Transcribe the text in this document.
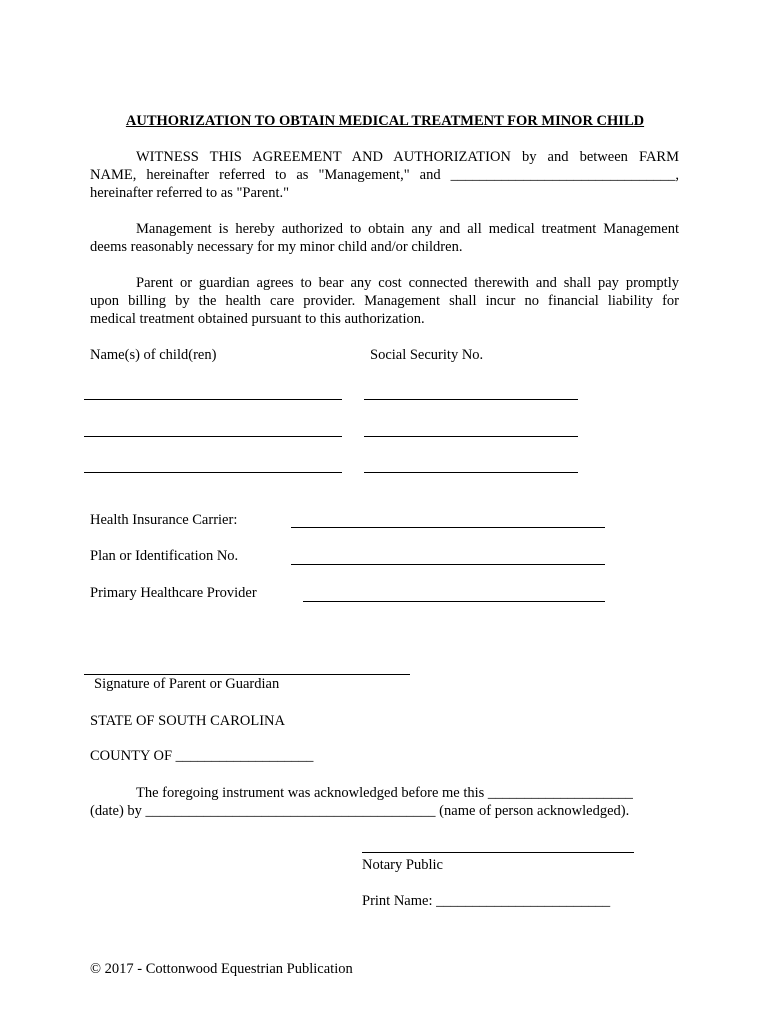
AUTHORIZATION TO OBTAIN MEDICAL TREATMENT FOR MINOR CHILD
WITNESS THIS AGREEMENT AND AUTHORIZATION by and between FARM
NAME, hereinafter referred to as "Management," and _______________________________,
hereinafter referred to as "Parent."
Management is hereby authorized to obtain any and all medical treatment Management
deems reasonably necessary for my minor child and/or children.
Parent or guardian agrees to bear any cost connected therewith and shall pay promptly
upon billing by the health care provider. Management shall incur no financial liability for
medical treatment obtained pursuant to this authorization.
Name(s) of child(ren)	Social Security No.
Health Insurance Carrier:
Plan or Identification No.
Primary Healthcare Provider
Signature of Parent or Guardian
STATE OF SOUTH CAROLINA
COUNTY OF ___________________
The foregoing instrument was acknowledged before me this ____________________
(date) by ________________________________________ (name of person acknowledged).
Notary Public
Print Name: ________________________
© 2017 - Cottonwood Equestrian Publication
